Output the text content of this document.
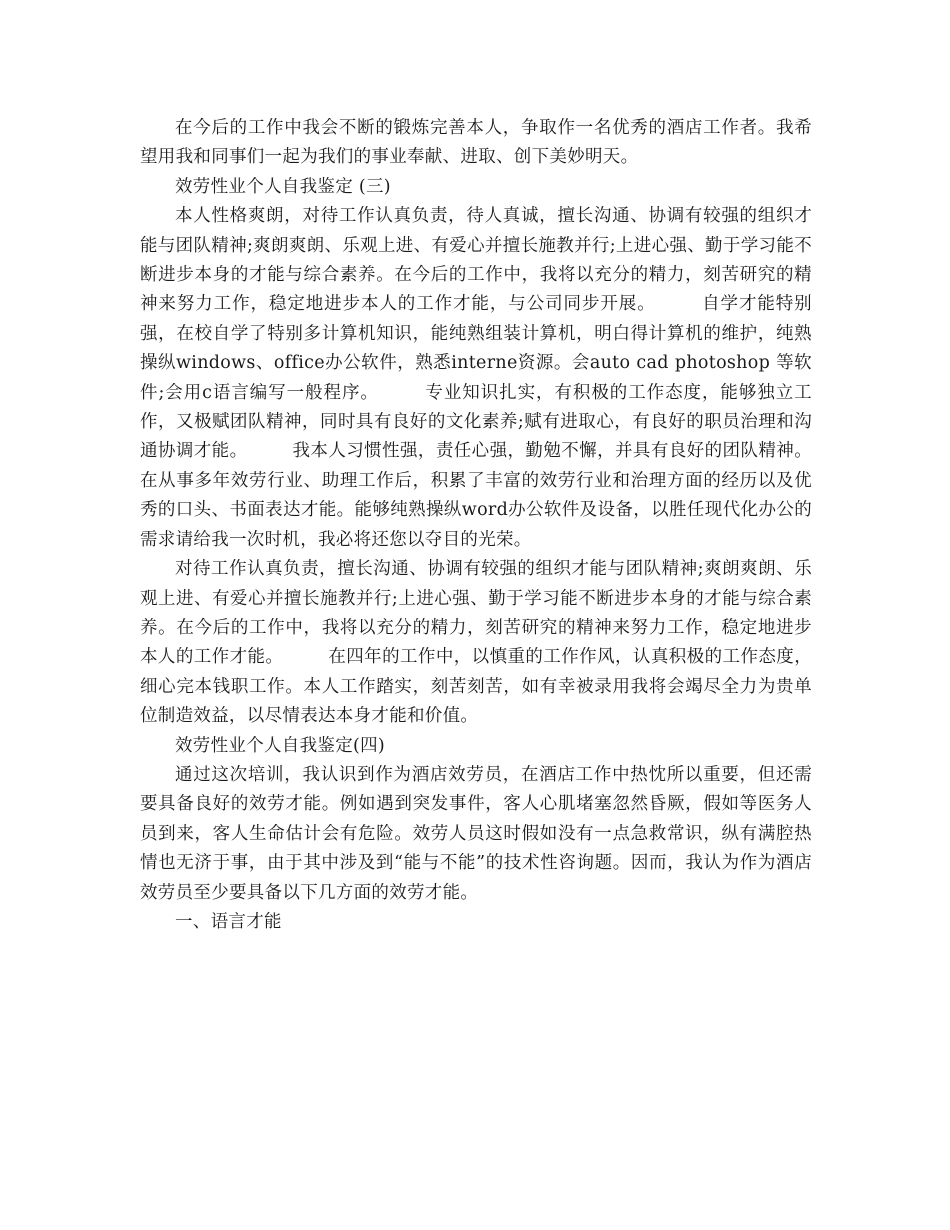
在今后的工作中我会不断的锻炼完善本人，争取作一名优秀的酒店工作者。我希望用我和同事们一起为我们的事业奉献、进取、创下美妙明天。

效劳性业个人自我鉴定 (三)

本人性格爽朗，对待工作认真负责，待人真诚，擅长沟通、协调有较强的组织才能与团队精神;爽朗爽朗、乐观上进、有爱心并擅长施教并行;上进心强、勤于学习能不断进步本身的才能与综合素养。在今后的工作中，我将以充分的精力，刻苦研究的精神来努力工作，稳定地进步本人的工作才能，与公司同步开展。　　　自学才能特别强，在校自学了特别多计算机知识，能纯熟组装计算机，明白得计算机的维护，纯熟操纵windows、office办公软件，熟悉interne资源。会auto cad photoshop 等软件;会用c语言编写一般程序。　　　专业知识扎实，有积极的工作态度，能够独立工作，又极赋团队精神，同时具有良好的文化素养;赋有进取心，有良好的职员治理和沟通协调才能。　　　我本人习惯性强，责任心强，勤勉不懈，并具有良好的团队精神。在从事多年效劳行业、助理工作后，积累了丰富的效劳行业和治理方面的经历以及优秀的口头、书面表达才能。能够纯熟操纵word办公软件及设备，以胜任现代化办公的需求请给我一次时机，我必将还您以夺目的光荣。

对待工作认真负责，擅长沟通、协调有较强的组织才能与团队精神;爽朗爽朗、乐观上进、有爱心并擅长施教并行;上进心强、勤于学习能不断进步本身的才能与综合素养。在今后的工作中，我将以充分的精力，刻苦研究的精神来努力工作，稳定地进步本人的工作才能。　　　在四年的工作中，以慎重的工作作风，认真积极的工作态度，细心完本钱职工作。本人工作踏实，刻苦刻苦，如有幸被录用我将会竭尽全力为贵单位制造效益，以尽情表达本身才能和价值。

效劳性业个人自我鉴定(四)

通过这次培训，我认识到作为酒店效劳员，在酒店工作中热忱所以重要，但还需要具备良好的效劳才能。例如遇到突发事件，客人心肌堵塞忽然昏厥，假如等医务人员到来，客人生命估计会有危险。效劳人员这时假如没有一点急救常识，纵有满腔热情也无济于事，由于其中涉及到“能与不能”的技术性咨询题。因而，我认为作为酒店效劳员至少要具备以下几方面的效劳才能。

一、语言才能
